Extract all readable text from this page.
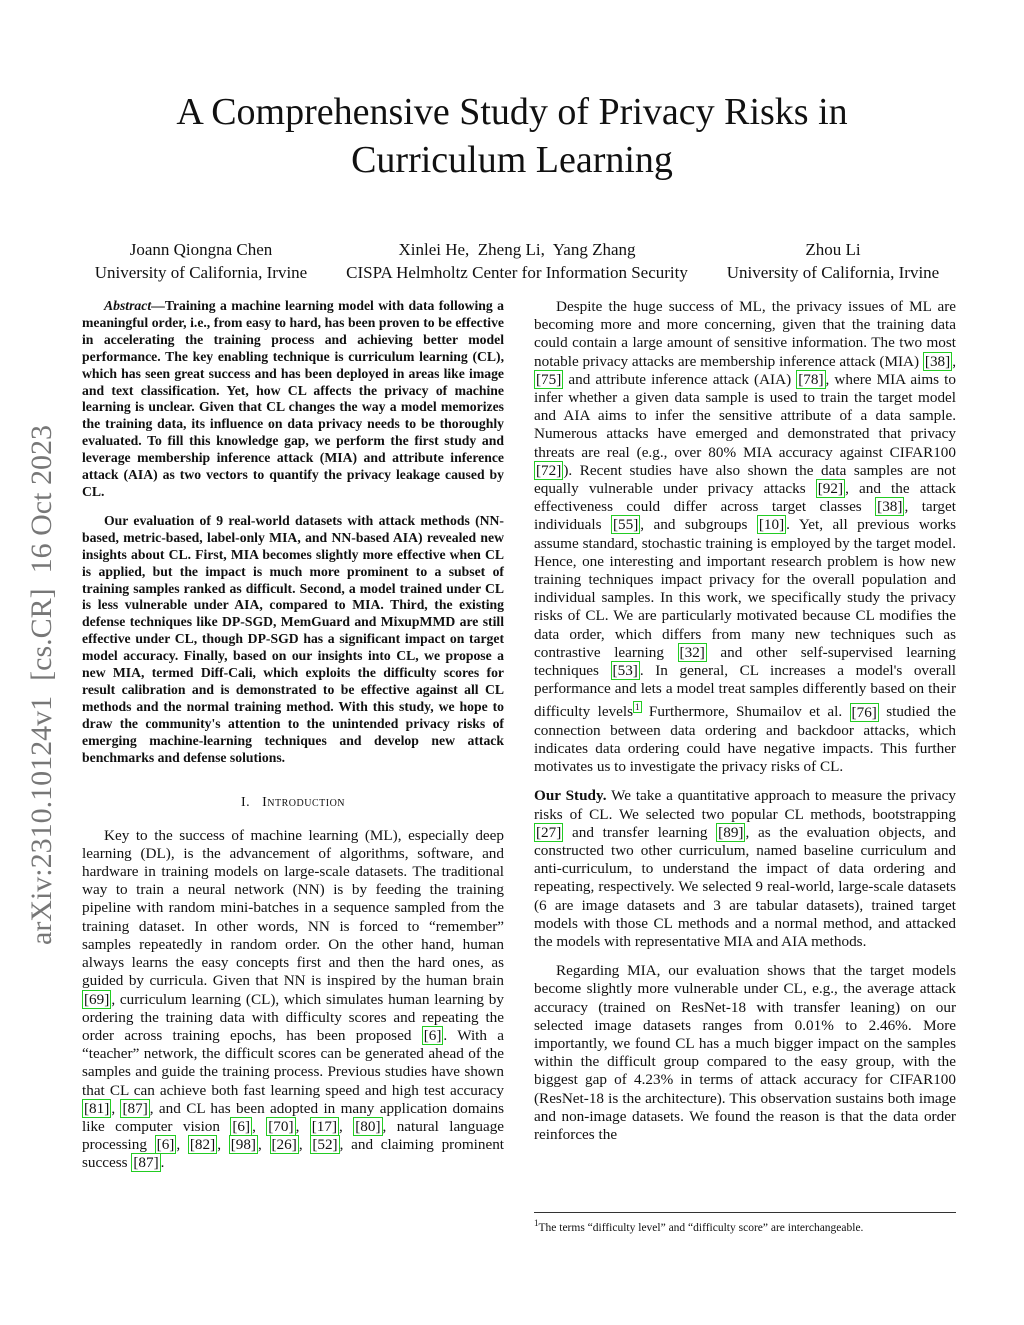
A Comprehensive Study of Privacy Risks in
Curriculum Learning
Joann Qiongna Chen
University of California, Irvine
Xinlei He,  Zheng Li,  Yang Zhang
CISPA Helmholtz Center for Information Security
Zhou Li
University of California, Irvine
arXiv:2310.10124v1  [cs.CR]  16 Oct 2023

Abstract—Training a machine learning model with data following a meaningful order, i.e., from easy to hard, has been proven to be effective in accelerating the training process and achieving better model performance. The key enabling technique is curriculum learning (CL), which has seen great success and has been deployed in areas like image and text classification. Yet, how CL affects the privacy of machine learning is unclear. Given that CL changes the way a model memorizes the training data, its influence on data privacy needs to be thoroughly evaluated. To fill this knowledge gap, we perform the first study and leverage membership inference attack (MIA) and attribute inference attack (AIA) as two vectors to quantify the privacy leakage caused by CL.

Our evaluation of 9 real-world datasets with attack methods (NN-based, metric-based, label-only MIA, and NN-based AIA) revealed new insights about CL. First, MIA becomes slightly more effective when CL is applied, but the impact is much more prominent to a subset of training samples ranked as difficult. Second, a model trained under CL is less vulnerable under AIA, compared to MIA. Third, the existing defense techniques like DP-SGD, MemGuard and MixupMMD are still effective under CL, though DP-SGD has a significant impact on target model accuracy. Finally, based on our insights into CL, we propose a new MIA, termed Diff-Cali, which exploits the difficulty scores for result calibration and is demonstrated to be effective against all CL methods and the normal training method. With this study, we hope to draw the community's attention to the unintended privacy risks of emerging machine-learning techniques and develop new attack benchmarks and defense solutions.

I. Introduction

Key to the success of machine learning (ML), especially deep learning (DL), is the advancement of algorithms, software, and hardware in training models on large-scale datasets. The traditional way to train a neural network (NN) is by feeding the training pipeline with random mini-batches in a sequence sampled from the training dataset. In other words, NN is forced to “remember” samples repeatedly in random order. On the other hand, human always learns the easy concepts first and then the hard ones, as guided by curricula. Given that NN is inspired by the human brain [69] , curriculum learning (CL), which simulates human learning by ordering the training data with difficulty scores and repeating the order across training epochs, has been proposed [6] . With a “teacher” network, the difficult scores can be generated ahead of the samples and guide the training process. Previous studies have shown that CL can achieve both fast learning speed and high test accuracy [81] , [87] , and CL has been adopted in many application domains like computer vision [6] , [70] , [17] , [80] , natural language processing [6] , [82] , [98] , [26] , [52] , and claiming prominent success [87] .

Despite the huge success of ML, the privacy issues of ML are becoming more and more concerning, given that the training data could contain a large amount of sensitive information. The two most notable privacy attacks are membership inference attack (MIA) [38] , [75] and attribute inference attack (AIA) [78] , where MIA aims to infer whether a given data sample is used to train the target model and AIA aims to infer the sensitive attribute of a data sample. Numerous attacks have emerged and demonstrated that privacy threats are real (e.g., over 80% MIA accuracy against CIFAR100 [72] ). Recent studies have also shown the data samples are not equally vulnerable under privacy attacks [92] , and the attack effectiveness could differ across target classes [38] , target individuals [55] , and subgroups [10] . Yet, all previous works assume standard, stochastic training is employed by the target model. Hence, one interesting and important research problem is how new training techniques impact privacy for the overall population and individual samples. In this work, we specifically study the privacy risks of CL. We are particularly motivated because CL modifies the data order, which differs from many new techniques such as contrastive learning [32] and other self-supervised learning techniques [53] . In general, CL increases a model's overall performance and lets a model treat samples differently based on their difficulty levels $^1$ Furthermore, Shumailov et al. [76] studied the connection between data ordering and backdoor attacks, which indicates data ordering could have negative impacts. This further motivates us to investigate the privacy risks of CL.

Our Study. We take a quantitative approach to measure the privacy risks of CL. We selected two popular CL methods, bootstrapping [27] and transfer learning [89] , as the evaluation objects, and constructed two other curriculum, named baseline curriculum and anti-curriculum, to understand the impact of data ordering and repeating, respectively. We selected 9 real-world, large-scale datasets (6 are image datasets and 3 are tabular datasets), trained target models with those CL methods and a normal method, and attacked the models with representative MIA and AIA methods.

Regarding MIA, our evaluation shows that the target models become slightly more vulnerable under CL, e.g., the average attack accuracy (trained on ResNet-18 with transfer leaning) on our selected image datasets ranges from 0.01% to 2.46%. More importantly, we found CL has a much bigger impact on the samples within the difficult group compared to the easy group, with the biggest gap of 4.23% in terms of attack accuracy for CIFAR100 (ResNet-18 is the architecture). This observation sustains both image and non-image datasets. We found the reason is that the data order reinforces the

$^1$The terms “difficulty level” and “difficulty score” are interchangeable.
